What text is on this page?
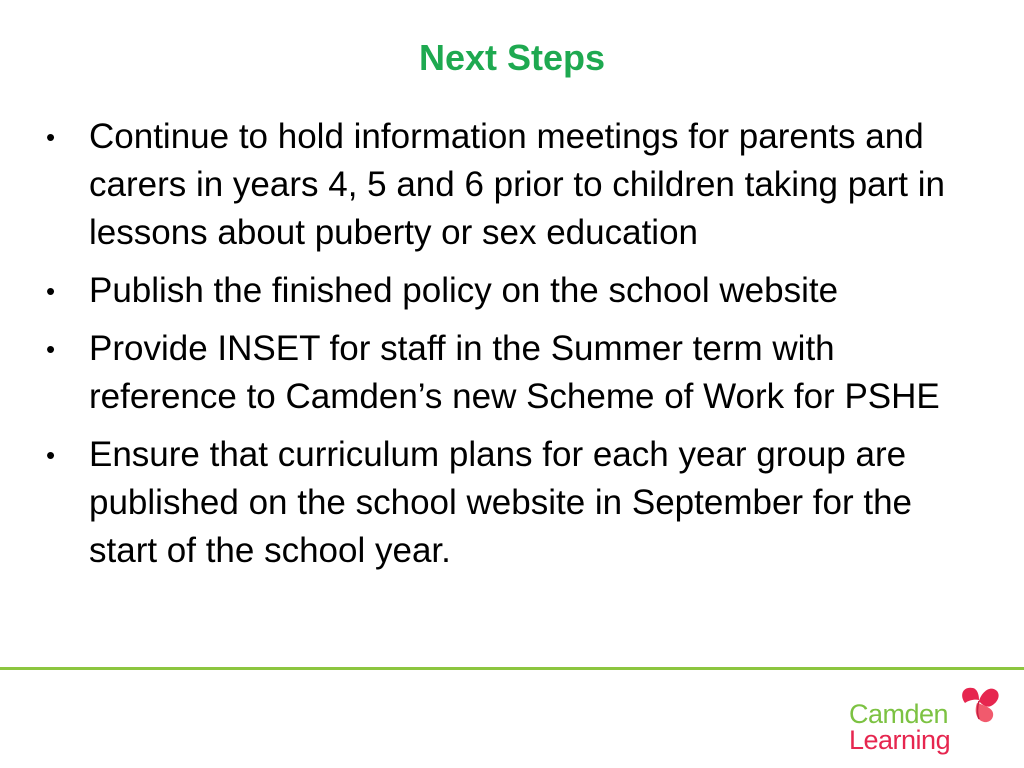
Next Steps
• Continue to hold information meetings for parents and carers in years 4, 5 and 6 prior to children taking part in lessons about puberty or sex education
• Publish the finished policy on the school website
• Provide INSET for staff in the Summer term with reference to Camden’s new Scheme of Work for PSHE
• Ensure that curriculum plans for each year group are published on the school website in September for the start of the school year.
Camden
Learning
